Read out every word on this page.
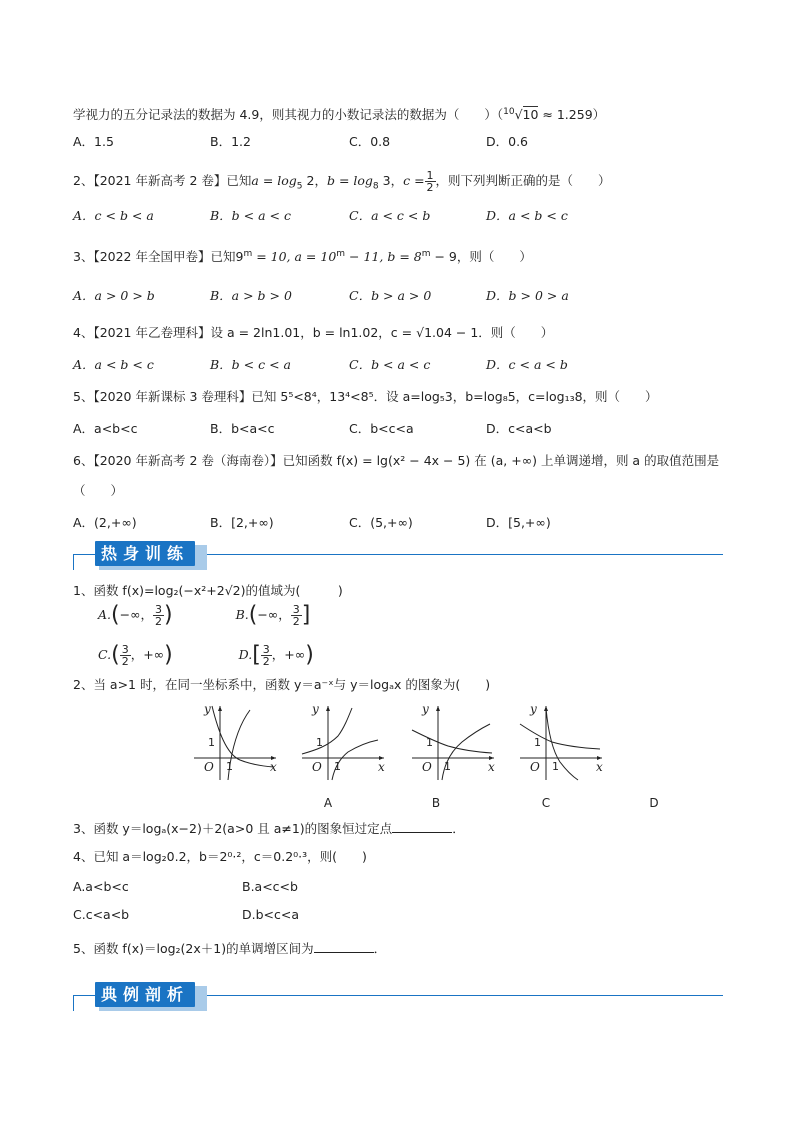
学视力的五分记录法的数据为 4.9，则其视力的小数记录法的数据为（　　）（$^{10}$√10 ≈ 1.259）
A．1.5	B．1.2	C．0.8	D．0.6
2、【2021 年新高考 2 卷】已知$a = \log_5 2$，$b = \log_8 3$，$c = \frac{1}{2}$ ，则下列判断正确的是（　　）
A．c < b < a	B．b < a < c	C．a < c < b	D．a < b < c
3、【2022 年全国甲卷】已知$9^m = 10$, $a = 10^m - 11$, $b = 8^m - 9$，则（　　）
A．a > 0 > b	B．a > b > 0	C．b > a > 0	D．b > 0 > a
4、【2021 年乙卷理科】设 a = 2ln1.01，b = ln1.02，c = √1.04 − 1．则（　　）
A．a < b < c	B．b < c < a	C．b < a < c	D．c < a < b
5、【2020 年新课标 3 卷理科】已知 5⁵<8⁴，13⁴<8⁵．设 a=log₅3，b=log₈5，c=log₁₃8，则（　　）
A．a<b<c	B．b<a<c	C．b<c<a	D．c<a<b
6、【2020 年新高考 2 卷（海南卷）】已知函数 f(x) = lg(x² − 4x − 5) 在 (a, +∞) 上单调递增，则 a 的取值范围是
（　　）
A．(2,+∞)	B．[2,+∞)	C．(5,+∞)	D．[5,+∞)
热身训练
1、函数 f(x)=log₂(−x²+2√2)的值域为(　　　)
A.(−∞， $\frac{3}{2}$ )	B.(−∞， $\frac{3}{2}$ ]
$C.( \frac{3}{2}$ ，+∞)	$D.[ \frac{3}{2}$ ，+∞)
2、当 a>1 时，在同一坐标系中，函数 y＝a⁻ˣ与 y＝logₐx 的图象为(　　)
y
x
O
1
1
A
y
x
O
1
1
B
y
x
O
1
1
C
y
x
O
1
1
D
3、函数 y＝logₐ(x−2)＋2(a>0 且 a≠1)的图象恒过定点	．
4、已知 a＝log₂0.2，b＝2⁰·²，c＝0.2⁰·³，则(　　)
A.a<b<c	B.a<c<b
C.c<a<b	D.b<c<a
5、函数 f(x)＝log₂(2x＋1)的单调增区间为	．
典例剖析
